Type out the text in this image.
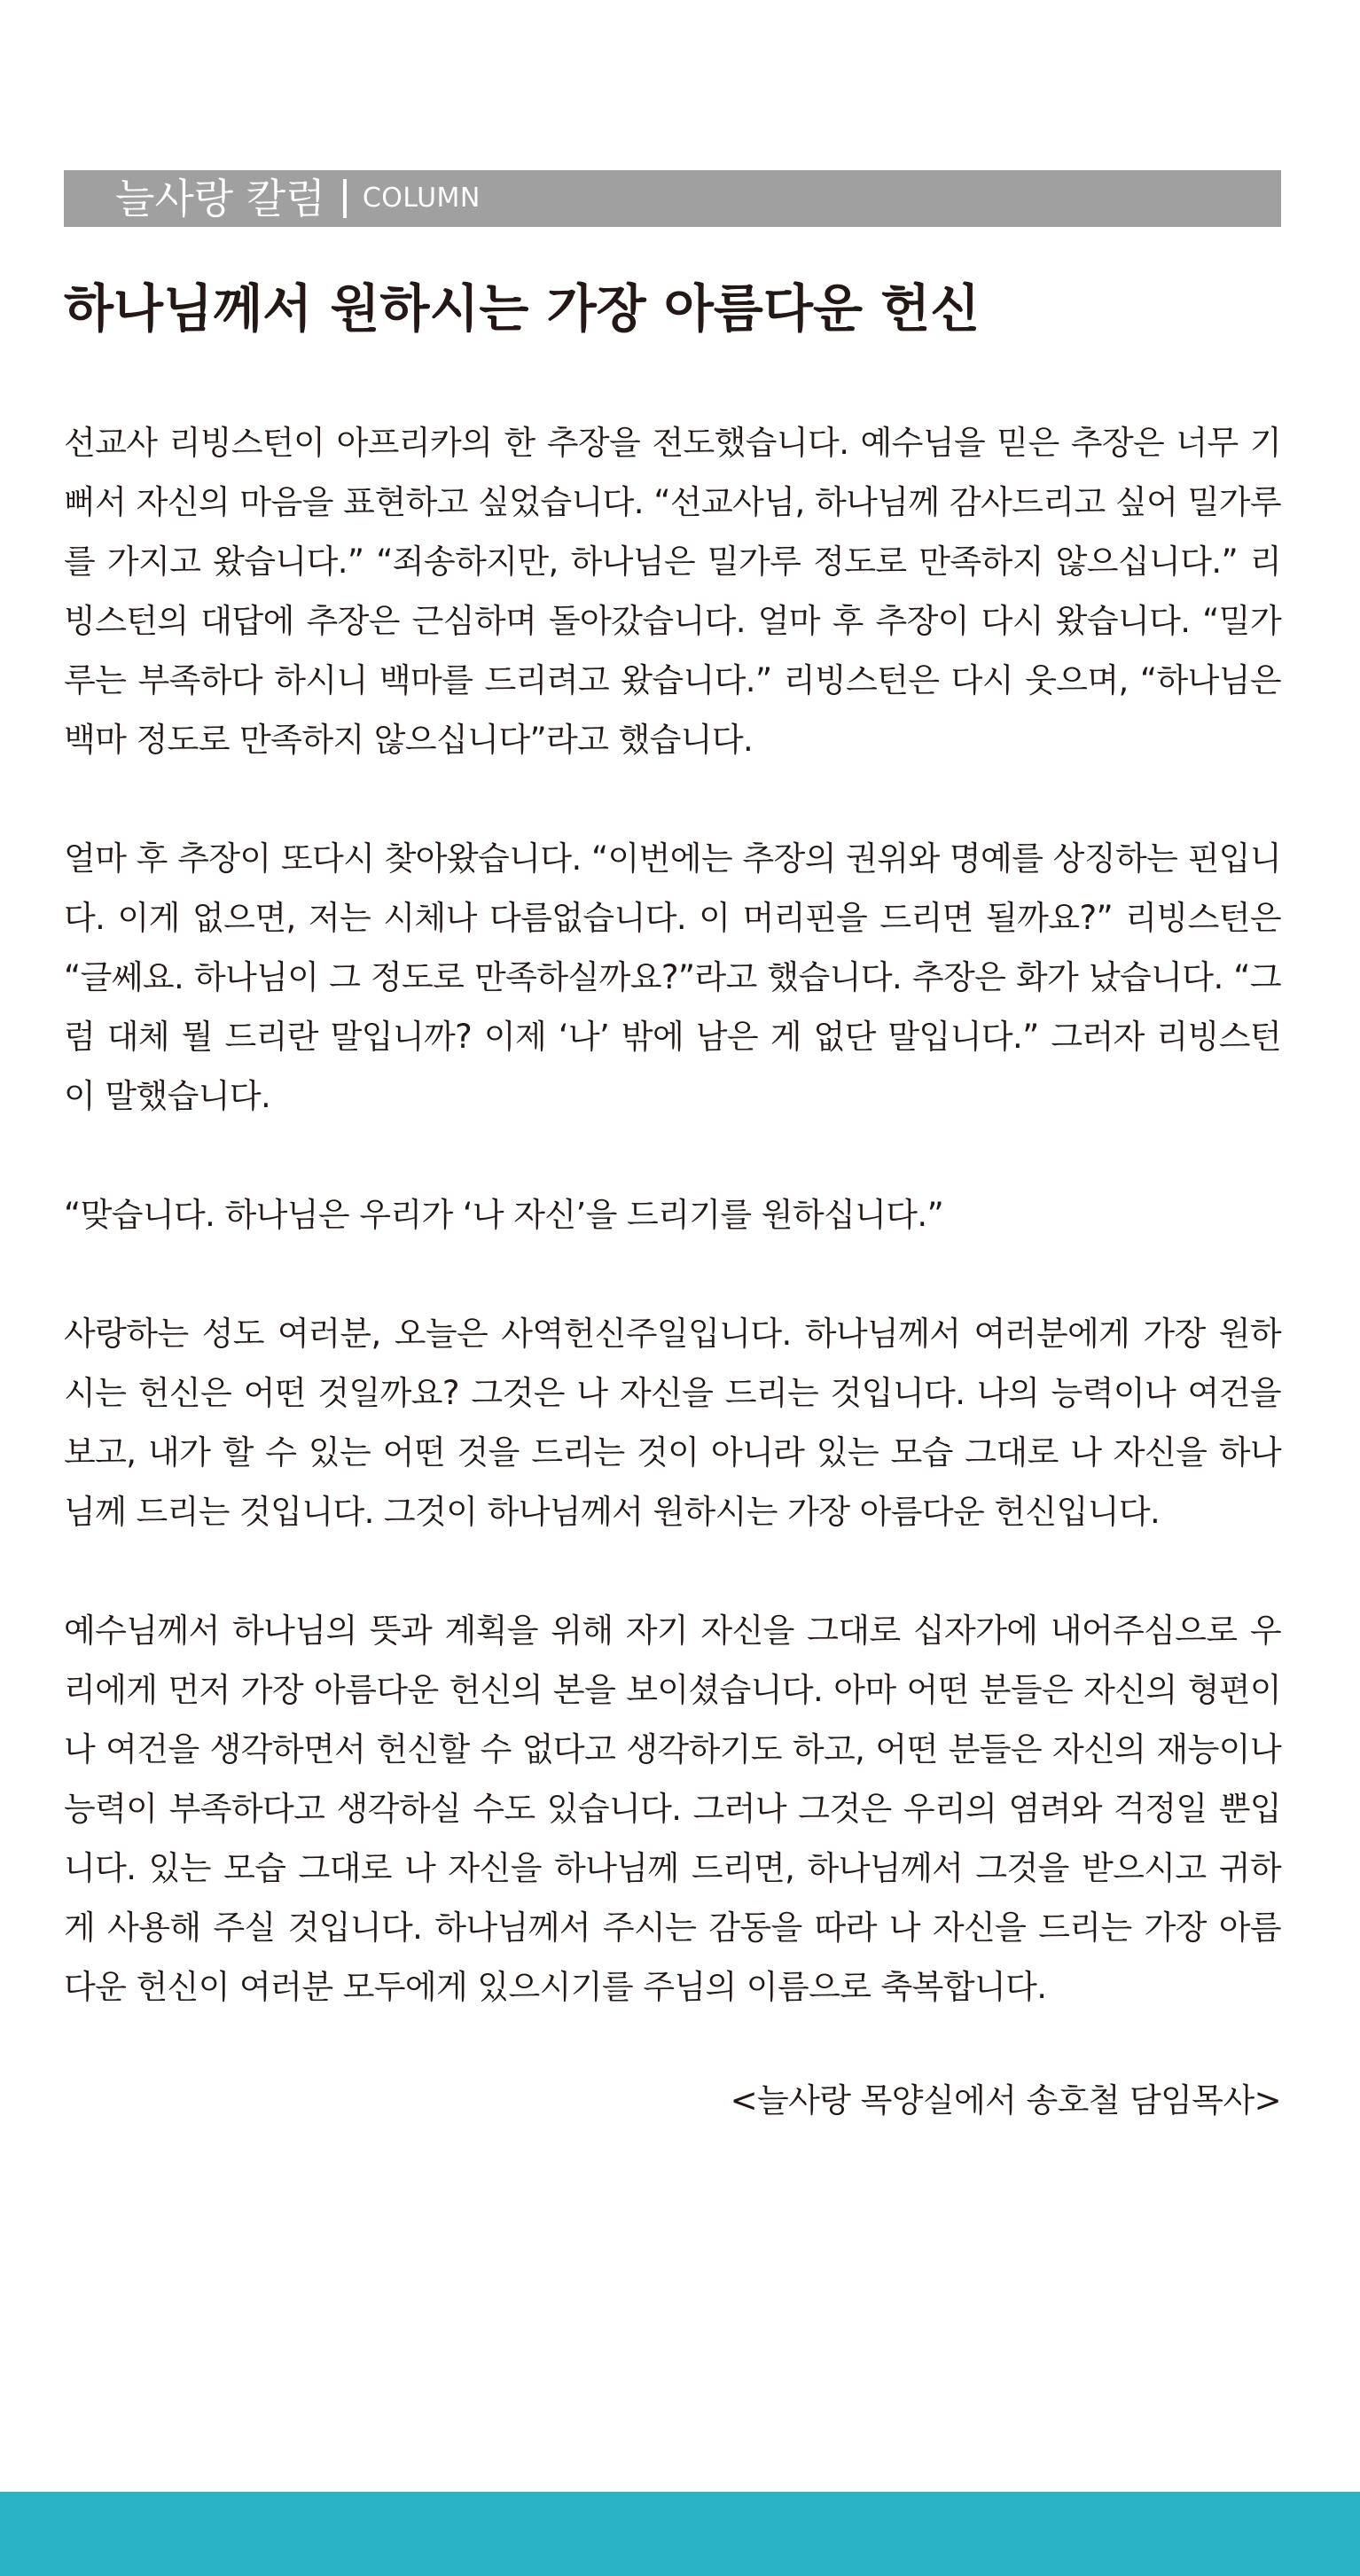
늘사랑 칼럼 COLUMN
하나님께서 원하시는 가장 아름다운 헌신

선교사 리빙스턴이 아프리카의 한 추장을 전도했습니다. 예수님을 믿은 추장은 너무 기뻐서 자신의 마음을 표현하고 싶었습니다. “선교사님, 하나님께 감사드리고 싶어 밀가루를 가지고 왔습니다.” “죄송하지만, 하나님은 밀가루 정도로 만족하지 않으십니다.” 리빙스턴의 대답에 추장은 근심하며 돌아갔습니다. 얼마 후 추장이 다시 왔습니다. “밀가루는 부족하다 하시니 백마를 드리려고 왔습니다.” 리빙스턴은 다시 웃으며, “하나님은 백마 정도로 만족하지 않으십니다”라고 했습니다.

얼마 후 추장이 또다시 찾아왔습니다. “이번에는 추장의 권위와 명예를 상징하는 핀입니다. 이게 없으면, 저는 시체나 다름없습니다. 이 머리핀을 드리면 될까요?” 리빙스턴은 “글쎄요. 하나님이 그 정도로 만족하실까요?”라고 했습니다. 추장은 화가 났습니다. “그럼 대체 뭘 드리란 말입니까? 이제 ‘나’ 밖에 남은 게 없단 말입니다.” 그러자 리빙스턴이 말했습니다.

“맞습니다. 하나님은 우리가 ‘나 자신’을 드리기를 원하십니다.”

사랑하는 성도 여러분, 오늘은 사역헌신주일입니다. 하나님께서 여러분에게 가장 원하시는 헌신은 어떤 것일까요? 그것은 나 자신을 드리는 것입니다. 나의 능력이나 여건을 보고, 내가 할 수 있는 어떤 것을 드리는 것이 아니라 있는 모습 그대로 나 자신을 하나님께 드리는 것입니다. 그것이 하나님께서 원하시는 가장 아름다운 헌신입니다.

예수님께서 하나님의 뜻과 계획을 위해 자기 자신을 그대로 십자가에 내어주심으로 우리에게 먼저 가장 아름다운 헌신의 본을 보이셨습니다. 아마 어떤 분들은 자신의 형편이나 여건을 생각하면서 헌신할 수 없다고 생각하기도 하고, 어떤 분들은 자신의 재능이나 능력이 부족하다고 생각하실 수도 있습니다. 그러나 그것은 우리의 염려와 걱정일 뿐입니다. 있는 모습 그대로 나 자신을 하나님께 드리면, 하나님께서 그것을 받으시고 귀하게 사용해 주실 것입니다. 하나님께서 주시는 감동을 따라 나 자신을 드리는 가장 아름다운 헌신이 여러분 모두에게 있으시기를 주님의 이름으로 축복합니다.

<늘사랑 목양실에서 송호철 담임목사>
